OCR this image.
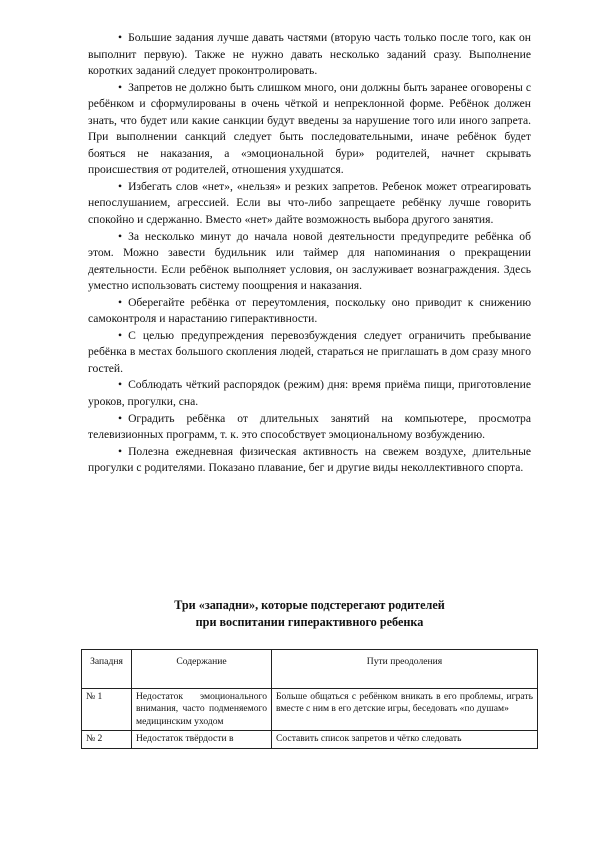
• Большие задания лучше давать частями (вторую часть только после того, как он выполнит первую). Также не нужно давать несколько заданий сразу. Выполнение коротких заданий следует проконтролировать.

• Запретов не должно быть слишком много, они должны быть заранее оговорены с ребёнком и сформулированы в очень чёткой и непреклонной форме. Ребёнок должен знать, что будет или какие санкции будут введены за нарушение того или иного запрета. При выполнении санкций следует быть последовательными, иначе ребёнок будет бояться не наказания, а «эмоциональной бури» родителей, начнет скрывать происшествия от родителей, отношения ухудшатся.

• Избегать слов «нет», «нельзя» и резких запретов. Ребенок может отреагировать непослушанием, агрессией. Если вы что-либо запрещаете ребёнку лучше говорить спокойно и сдержанно. Вместо «нет» дайте возможность выбора другого занятия.

• За несколько минут до начала новой деятельности предупредите ребёнка об этом. Можно завести будильник или таймер для напоминания о прекращении деятельности. Если ребёнок выполняет условия, он заслуживает вознаграждения. Здесь уместно использовать систему поощрения и наказания.

• Оберегайте ребёнка от переутомления, поскольку оно приводит к снижению самоконтроля и нарастанию гиперактивности.

• С целью предупреждения перевозбуждения следует ограничить пребывание ребёнка в местах большого скопления людей, стараться не приглашать в дом сразу много гостей.

• Соблюдать чёткий распорядок (режим) дня: время приёма пищи, приготовление уроков, прогулки, сна.

• Оградить ребёнка от длительных занятий на компьютере, просмотра телевизионных программ, т. к. это способствует эмоциональному возбуждению.

• Полезна ежедневная физическая активность на свежем воздухе, длительные прогулки с родителями. Показано плавание, бег и другие виды неколлективного спорта.

Три «западни», которые подстерегают родителей
при воспитании гиперактивного ребенка
Западня	Содержание	Пути преодоления
№ 1	Недостаток эмоционального внимания, часто подменяемого медицинским уходом	Больше общаться с ребёнком вникать в его проблемы, играть вместе с ним в его детские игры, беседовать «по душам»
№ 2	Недостаток твёрдости в	Составить список запретов и чётко следовать
